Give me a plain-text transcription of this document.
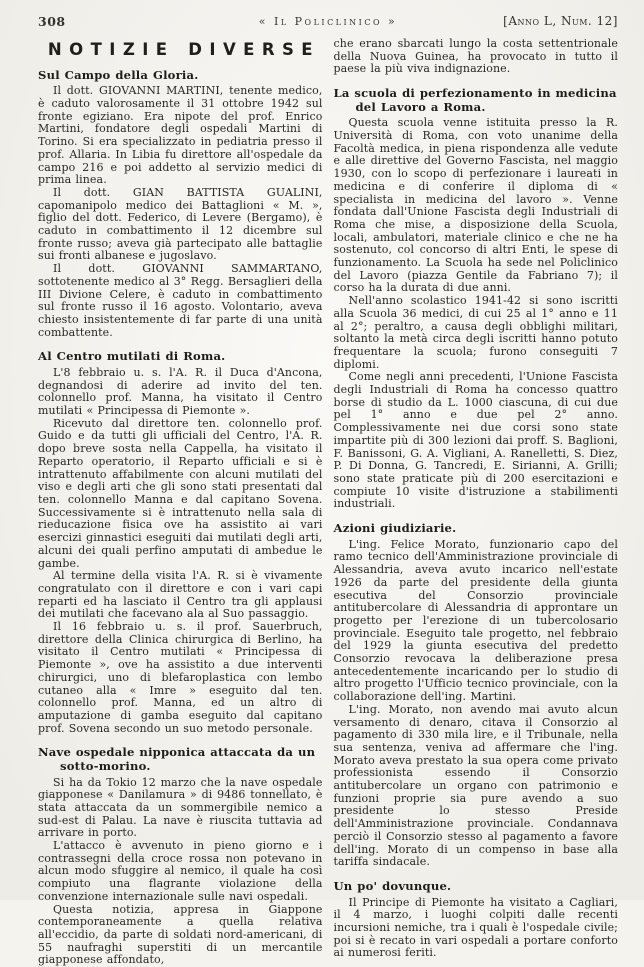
308	« Il Policlinico »	[Anno L, Num. 12]
NOTIZIE DIVERSE
Sul Campo della Gloria.

Il dott. GIOVANNI MARTINI, tenente medico, è caduto valorosamente il 31 ottobre 1942 sul fronte egiziano. Era nipote del prof. Enrico Martini, fondatore degli ospedali Martini di Torino. Si era specializzato in pediatria presso il prof. Allaria. In Libia fu direttore all'ospedale da campo 216 e poi addetto al servizio medici di prima linea.

Il dott. GIAN BATTISTA GUALINI, capomanipolo medico dei Battaglioni « M. », figlio del dott. Federico, di Levere (Bergamo), è caduto in combattimento il 12 dicembre sul fronte russo; aveva già partecipato alle battaglie sui fronti albanese e jugoslavo.

Il dott. GIOVANNI SAMMARTANO, sottotenente medico al 3° Regg. Bersaglieri della III Divione Celere, è caduto in combattimento sul fronte russo il 16 agosto. Volontario, aveva chiesto insistentemente di far parte di una unità combattente.

Al Centro mutilati di Roma.

L'8 febbraio u. s. l'A. R. il Duca d'Ancona, degnandosi di aderire ad invito del ten. colonnello prof. Manna, ha visitato il Centro mutilati « Principessa di Piemonte ».

Ricevuto dal direttore ten. colonnello prof. Guido e da tutti gli ufficiali del Centro, l'A. R. dopo breve sosta nella Cappella, ha visitato il Reparto operatorio, il Reparto ufficiali e si è intrattenuto affabilmente con alcuni mutilati del viso e degli arti che gli sono stati presentati dal ten. colonnello Manna e dal capitano Sovena. Successivamente si è intrattenuto nella sala di rieducazione fisica ove ha assistito ai vari esercizi ginnastici eseguiti dai mutilati degli arti, alcuni dei quali perfino amputati di ambedue le gambe.

Al termine della visita l'A. R. si è vivamente congratulato con il direttore e con i vari capi reparti ed ha lasciato il Centro tra gli applausi dei mutilati che facevano ala al Suo passaggio.

Il 16 febbraio u. s. il prof. Sauerbruch, direttore della Clinica chirurgica di Berlino, ha visitato il Centro mutilati « Principessa di Piemonte », ove ha assistito a due interventi chirurgici, uno di blefaroplastica con lembo cutaneo alla « Imre » eseguito dal ten. colonnello prof. Manna, ed un altro di amputazione di gamba eseguito dal capitano prof. Sovena secondo un suo metodo personale.

Nave ospedale nipponica attaccata da un sotto-morino.

Si ha da Tokio 12 marzo che la nave ospedale giapponese « Danilamura » di 9486 tonnellato, è stata attaccata da un sommergibile nemico a sud-est di Palau. La nave è riuscita tuttavia ad arrivare in porto.

L'attacco è avvenuto in pieno giorno e i contrassegni della croce rossa non potevano in alcun modo sfuggire al nemico, il quale ha così compiuto una flagrante violazione della convenzione internazionale sulle navi ospedali.

Questa notizia, appresa in Giappone contemporaneamente a quella relativa all'eccidio, da parte di soldati nord-americani, di 55 naufraghi superstiti di un mercantile giapponese affondato,

che erano sbarcati lungo la costa settentrionale della Nuova Guinea, ha provocato in tutto il paese la più viva indignazione.

La scuola di perfezionamento in medicina del Lavoro a Roma.

Questa scuola venne istituita presso la R. Università di Roma, con voto unanime della Facoltà medica, in piena rispondenza alle vedute e alle direttive del Governo Fascista, nel maggio 1930, con lo scopo di perfezionare i laureati in medicina e di conferire il diploma di « specialista in medicina del lavoro ». Venne fondata dall'Unione Fascista degli Industriali di Roma che mise, a disposizione della Scuola, locali, ambulatori, materiale clinico e che ne ha sostenuto, col concorso di altri Enti, le spese di funzionamento. La Scuola ha sede nel Policlinico del Lavoro (piazza Gentile da Fabriano 7); il corso ha la durata di due anni.

Nell'anno scolastico 1941-42 si sono iscritti alla Scuola 36 medici, di cui 25 al 1° anno e 11 al 2°; peraltro, a causa degli obblighi militari, soltanto la metà circa degli iscritti hanno potuto frequentare la scuola; furono conseguiti 7 diplomi.

Come negli anni precedenti, l'Unione Fascista degli Industriali di Roma ha concesso quattro borse di studio da L. 1000 ciascuna, di cui due pel 1° anno e due pel 2° anno. Complessivamente nei due corsi sono state impartite più di 300 lezioni dai proff. S. Baglioni, F. Banissoni, G. A. Vigliani, A. Ranelletti, S. Diez, P. Di Donna, G. Tancredi, E. Sirianni, A. Grilli; sono state praticate più di 200 esercitazioni e compiute 10 visite d'istruzione a stabilimenti industriali.

Azioni giudiziarie.

L'ing. Felice Morato, funzionario capo del ramo tecnico dell'Amministrazione provinciale di Alessandria, aveva avuto incarico nell'estate 1926 da parte del presidente della giunta esecutiva del Consorzio provinciale antitubercolare di Alessandria di approntare un progetto per l'erezione di un tubercolosario provinciale. Eseguito tale progetto, nel febbraio del 1929 la giunta esecutiva del predetto Consorzio revocava la deliberazione presa antecedentemente incaricando per lo studio di altro progetto l'Ufficio tecnico provinciale, con la collaborazione dell'ing. Martini.

L'ing. Morato, non avendo mai avuto alcun versamento di denaro, citava il Consorzio al pagamento di 330 mila lire, e il Tribunale, nella sua sentenza, veniva ad affermare che l'ing. Morato aveva prestato la sua opera come privato professionista essendo il Consorzio antitubercolare un organo con patrimonio e funzioni proprie sia pure avendo a suo presidente lo stesso Preside dell'Amministrazione provinciale. Condannava perciò il Consorzio stesso al pagamento a favore dell'ing. Morato di un compenso in base alla tariffa sindacale.

Un po' dovunque.

Il Principe di Piemonte ha visitato a Cagliari, il 4 marzo, i luoghi colpiti dalle recenti incursioni nemiche, tra i quali è l'ospedale civile; poi si è recato in vari ospedali a portare conforto ai numerosi feriti.
